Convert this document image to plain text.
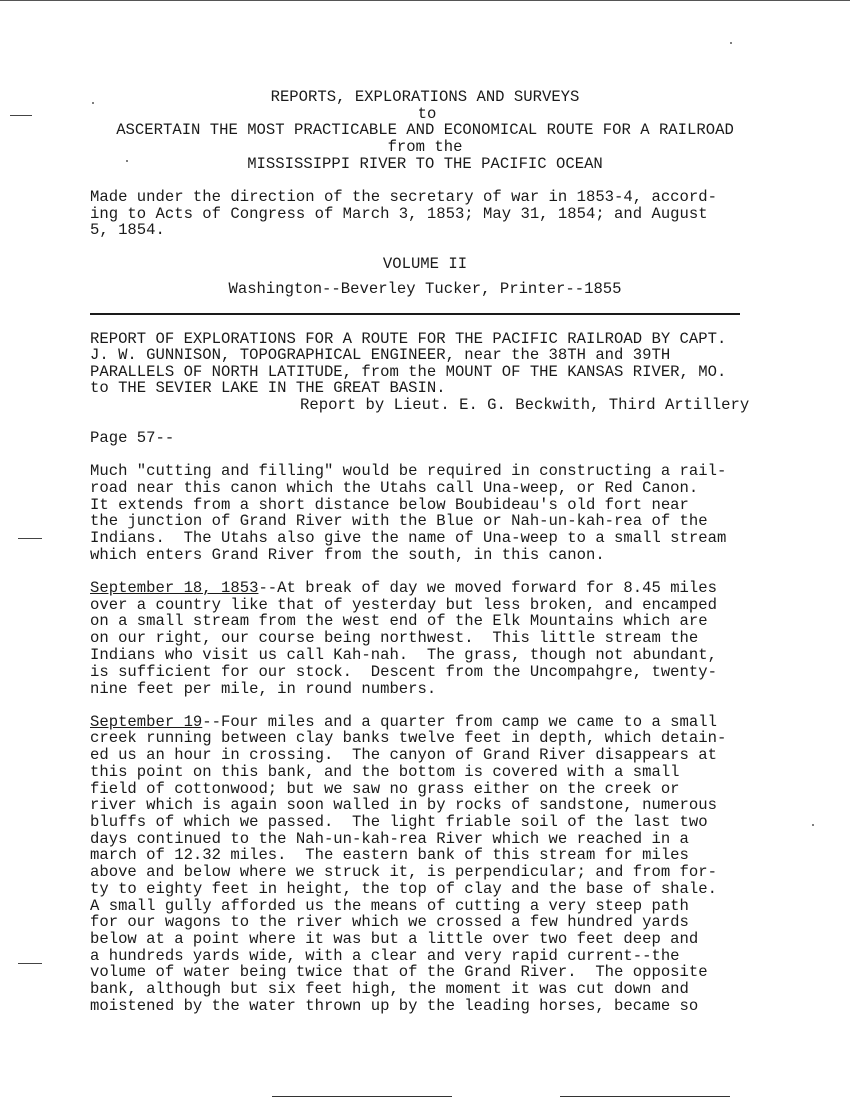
REPORTS, EXPLORATIONS AND SURVEYS
to
ASCERTAIN THE MOST PRACTICABLE AND ECONOMICAL ROUTE FOR A RAILROAD
from the
MISSISSIPPI RIVER TO THE PACIFIC OCEAN
Made under the direction of the secretary of war in 1853-4, accord-
ing to Acts of Congress of March 3, 1853; May 31, 1854; and August
5, 1854.
VOLUME II
Washington--Beverley Tucker, Printer--1855
REPORT OF EXPLORATIONS FOR A ROUTE FOR THE PACIFIC RAILROAD BY CAPT.
J. W. GUNNISON, TOPOGRAPHICAL ENGINEER, near the 38TH and 39TH
PARALLELS OF NORTH LATITUDE, from the MOUNT OF THE KANSAS RIVER, MO.
to THE SEVIER LAKE IN THE GREAT BASIN.
Report by Lieut. E. G. Beckwith, Third Artillery
Page 57--
Much "cutting and filling" would be required in constructing a rail-
road near this canon which the Utahs call Una-weep, or Red Canon.
It extends from a short distance below Boubideau's old fort near
the junction of Grand River with the Blue or Nah-un-kah-rea of the
Indians.  The Utahs also give the name of Una-weep to a small stream
which enters Grand River from the south, in this canon.
September 18, 1853--At break of day we moved forward for 8.45 miles
over a country like that of yesterday but less broken, and encamped
on a small stream from the west end of the Elk Mountains which are
on our right, our course being northwest.  This little stream the
Indians who visit us call Kah-nah.  The grass, though not abundant,
is sufficient for our stock.  Descent from the Uncompahgre, twenty-
nine feet per mile, in round numbers.
September 19--Four miles and a quarter from camp we came to a small
creek running between clay banks twelve feet in depth, which detain-
ed us an hour in crossing.  The canyon of Grand River disappears at
this point on this bank, and the bottom is covered with a small
field of cottonwood; but we saw no grass either on the creek or
river which is again soon walled in by rocks of sandstone, numerous
bluffs of which we passed.  The light friable soil of the last two
days continued to the Nah-un-kah-rea River which we reached in a
march of 12.32 miles.  The eastern bank of this stream for miles
above and below where we struck it, is perpendicular; and from for-
ty to eighty feet in height, the top of clay and the base of shale.
A small gully afforded us the means of cutting a very steep path
for our wagons to the river which we crossed a few hundred yards
below at a point where it was but a little over two feet deep and
a hundreds yards wide, with a clear and very rapid current--the
volume of water being twice that of the Grand River.  The opposite
bank, although but six feet high, the moment it was cut down and
moistened by the water thrown up by the leading horses, became so
